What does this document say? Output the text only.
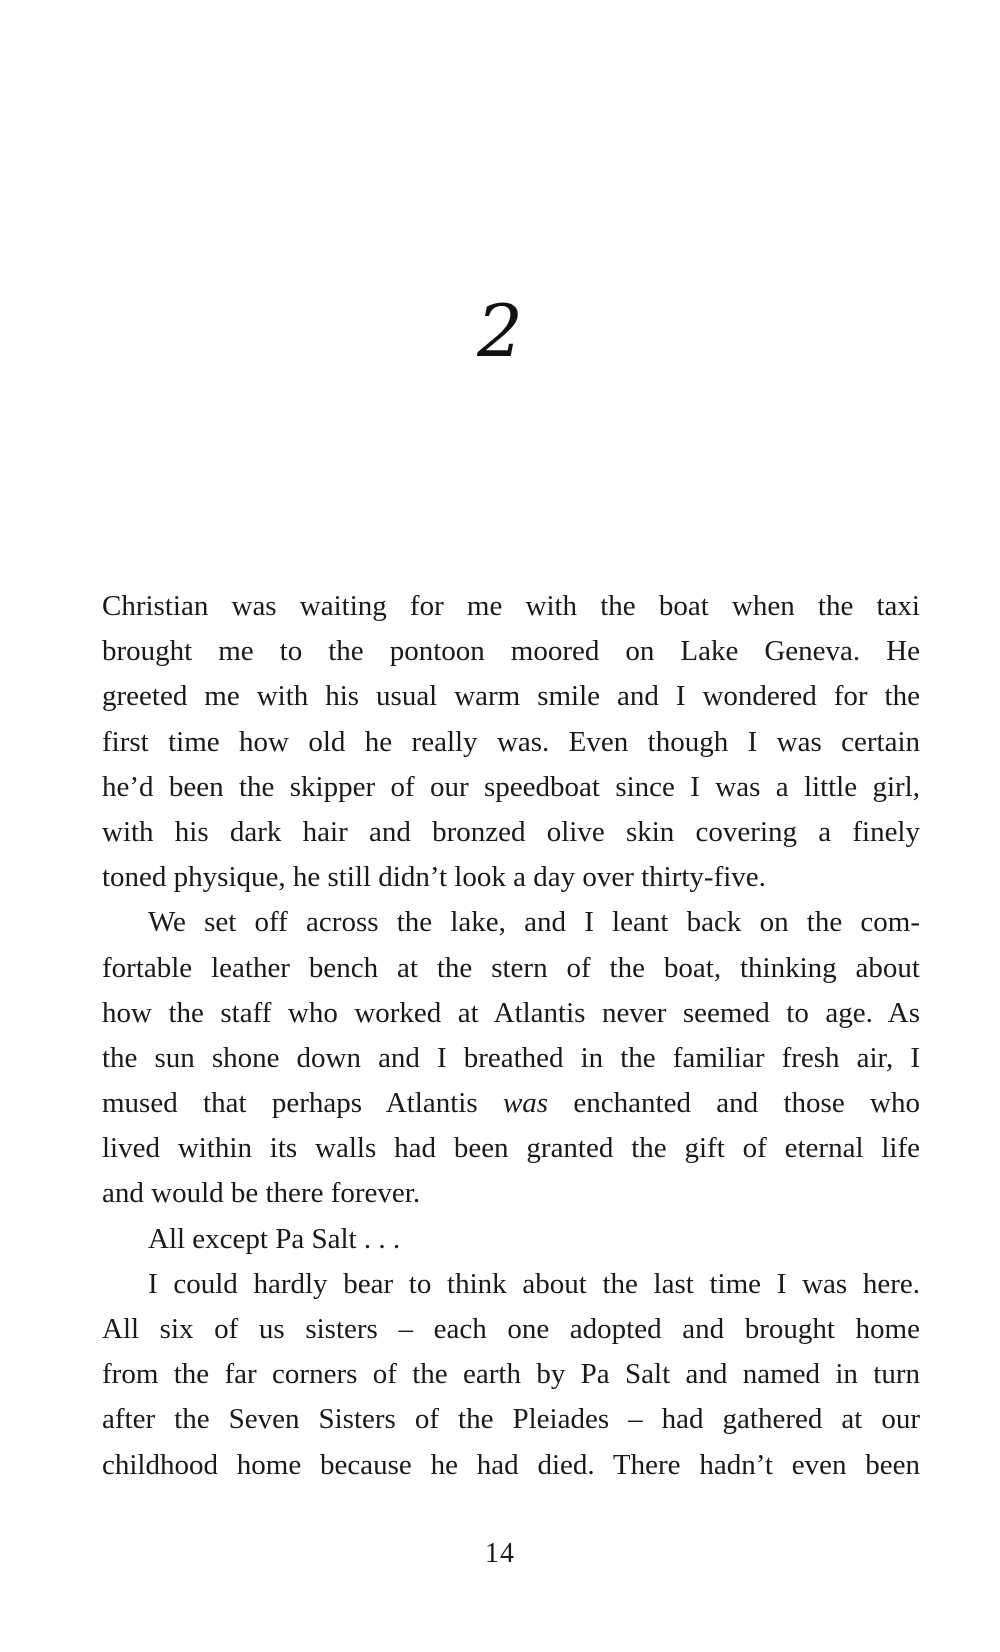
2
Christian was waiting for me with the boat when the taxi
brought me to the pontoon moored on Lake Geneva. He
greeted me with his usual warm smile and I wondered for the
first time how old he really was. Even though I was certain
he’d been the skipper of our speedboat since I was a little girl,
with his dark hair and bronzed olive skin covering a finely
toned physique, he still didn’t look a day over thirty-five.
We set off across the lake, and I leant back on the com-
fortable leather bench at the stern of the boat, thinking about
how the staff who worked at Atlantis never seemed to age. As
the sun shone down and I breathed in the familiar fresh air, I
mused that perhaps Atlantis was enchanted and those who
lived within its walls had been granted the gift of eternal life
and would be there forever.
All except Pa Salt . . .
I could hardly bear to think about the last time I was here.
All six of us sisters – each one adopted and brought home
from the far corners of the earth by Pa Salt and named in turn
after the Seven Sisters of the Pleiades – had gathered at our
childhood home because he had died. There hadn’t even been
14
